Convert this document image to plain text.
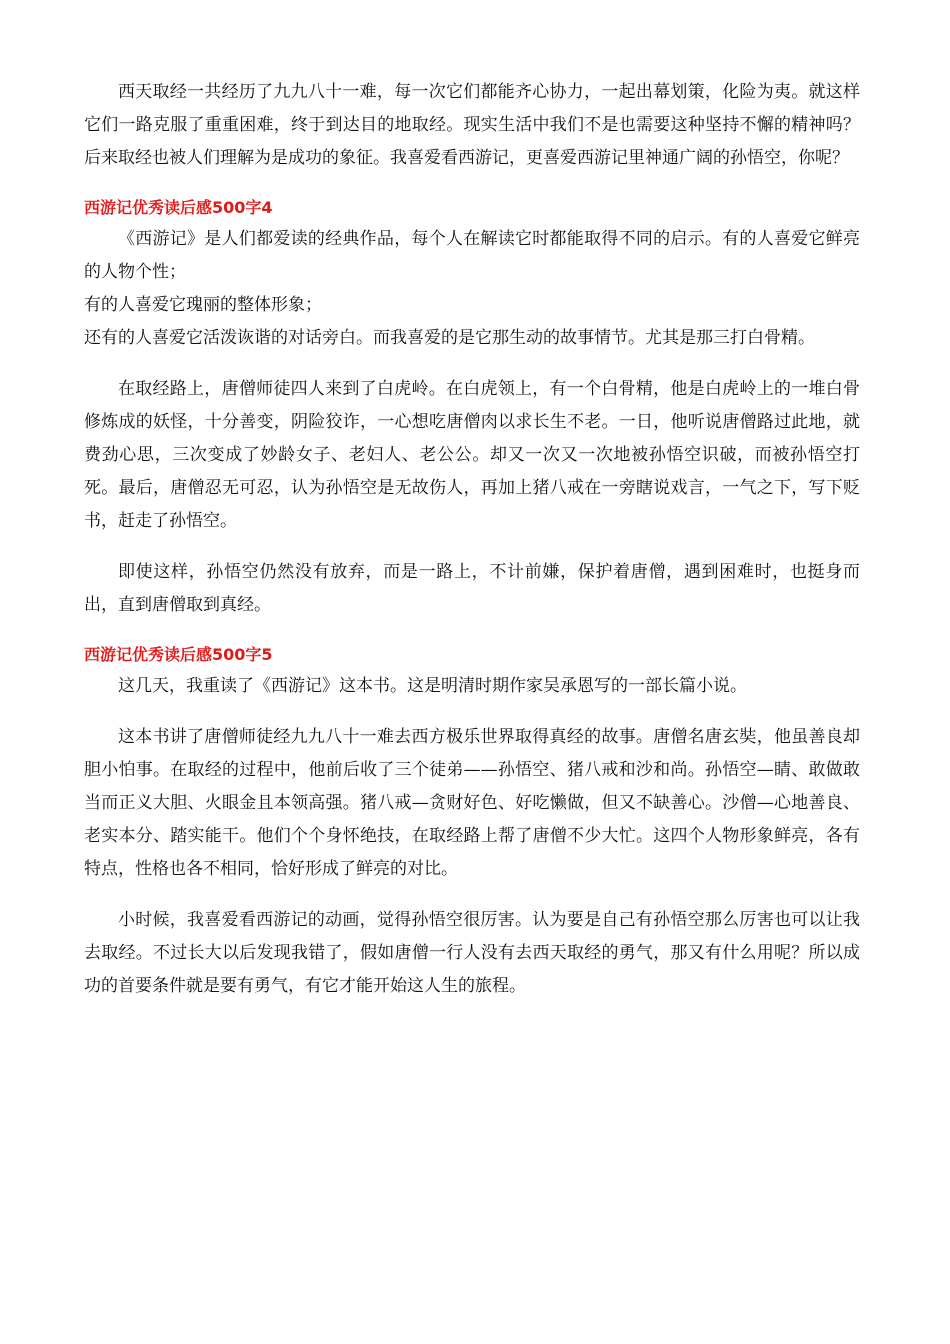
西天取经一共经历了九九八十一难，每一次它们都能齐心协力，一起出幕划策，化险为夷。就这样它们一路克服了重重困难，终于到达目的地取经。现实生活中我们不是也需要这种坚持不懈的精神吗？后来取经也被人们理解为是成功的象征。我喜爱看西游记，更喜爱西游记里神通广阔的孙悟空，你呢？

西游记优秀读后感500字4

《西游记》是人们都爱读的经典作品，每个人在解读它时都能取得不同的启示。有的人喜爱它鲜亮的人物个性；

有的人喜爱它瑰丽的整体形象；

还有的人喜爱它活泼诙谐的对话旁白。而我喜爱的是它那生动的故事情节。尤其是那三打白骨精。

在取经路上，唐僧师徒四人来到了白虎岭。在白虎领上，有一个白骨精，他是白虎岭上的一堆白骨修炼成的妖怪，十分善变，阴险狡诈，一心想吃唐僧肉以求长生不老。一日，他听说唐僧路过此地，就费劲心思，三次变成了妙龄女子、老妇人、老公公。却又一次又一次地被孙悟空识破，而被孙悟空打死。最后，唐僧忍无可忍，认为孙悟空是无故伤人，再加上猪八戒在一旁瞎说戏言，一气之下，写下贬书，赶走了孙悟空。

即使这样，孙悟空仍然没有放弃，而是一路上，不计前嫌，保护着唐僧，遇到困难时，也挺身而出，直到唐僧取到真经。

西游记优秀读后感500字5

这几天，我重读了《西游记》这本书。这是明清时期作家吴承恩写的一部长篇小说。

这本书讲了唐僧师徒经九九八十一难去西方极乐世界取得真经的故事。唐僧名唐玄奘，他虽善良却胆小怕事。在取经的过程中，他前后收了三个徒弟——孙悟空、猪八戒和沙和尚。孙悟空—睛、敢做敢当而正义大胆、火眼金且本领高强。猪八戒—贪财好色、好吃懒做，但又不缺善心。沙僧—心地善良、老实本分、踏实能干。他们个个身怀绝技，在取经路上帮了唐僧不少大忙。这四个人物形象鲜亮，各有特点，性格也各不相同，恰好形成了鲜亮的对比。

小时候，我喜爱看西游记的动画，觉得孙悟空很厉害。认为要是自己有孙悟空那么厉害也可以让我去取经。不过长大以后发现我错了，假如唐僧一行人没有去西天取经的勇气，那又有什么用呢？所以成功的首要条件就是要有勇气，有它才能开始这人生的旅程。
